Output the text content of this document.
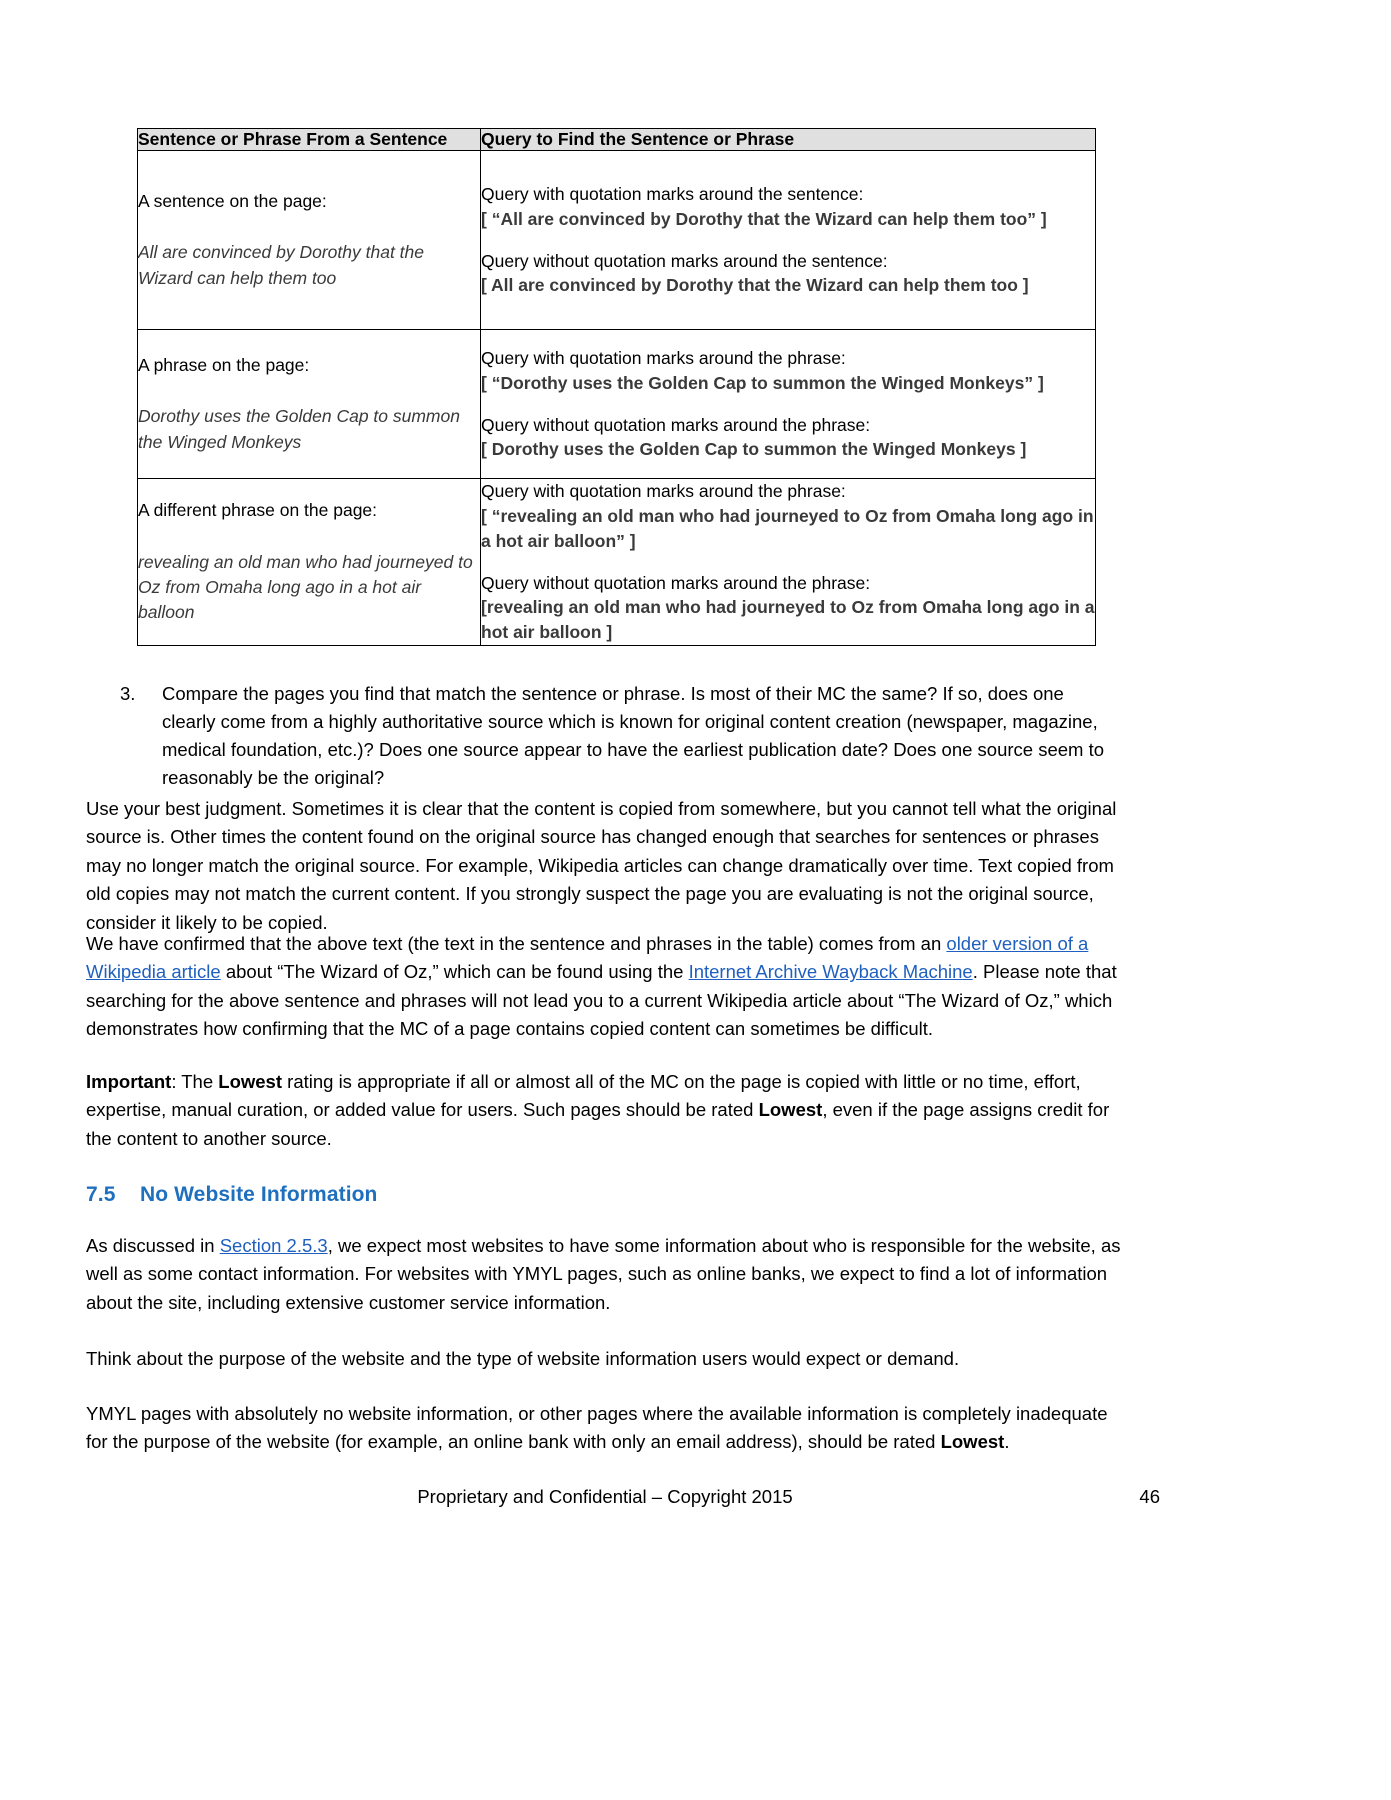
Sentence or Phrase From a Sentence	Query to Find the Sentence or Phrase
A sentence on the page:
All are convinced by Dorothy that the Wizard can help them too	Query with quotation marks around the sentence:
[ “All are convinced by Dorothy that the Wizard can help them too” ]
Query without quotation marks around the sentence:
[ All are convinced by Dorothy that the Wizard can help them too ]

A phrase on the page:
Dorothy uses the Golden Cap to summon the Winged Monkeys	Query with quotation marks around the phrase:
[ “Dorothy uses the Golden Cap to summon the Winged Monkeys” ]
Query without quotation marks around the phrase:
[ Dorothy uses the Golden Cap to summon the Winged Monkeys ]

A different phrase on the page:
revealing an old man who had journeyed to Oz from Omaha long ago in a hot air balloon	Query with quotation marks around the phrase:
[ “revealing an old man who had journeyed to Oz from Omaha long ago in a hot air balloon” ]
Query without quotation marks around the phrase:
[revealing an old man who had journeyed to Oz from Omaha long ago in a hot air balloon ]
3.	Compare the pages you find that match the sentence or phrase. Is most of their MC the same? If so, does one clearly come from a highly authoritative source which is known for original content creation (newspaper, magazine, medical foundation, etc.)? Does one source appear to have the earliest publication date? Does one source seem to reasonably be the original?
Use your best judgment. Sometimes it is clear that the content is copied from somewhere, but you cannot tell what the original source is. Other times the content found on the original source has changed enough that searches for sentences or phrases may no longer match the original source. For example, Wikipedia articles can change dramatically over time. Text copied from old copies may not match the current content. If you strongly suspect the page you are evaluating is not the original source, consider it likely to be copied.
We have confirmed that the above text (the text in the sentence and phrases in the table) comes from an older version of a Wikipedia article about “The Wizard of Oz,” which can be found using the Internet Archive Wayback Machine. Please note that searching for the above sentence and phrases will not lead you to a current Wikipedia article about “The Wizard of Oz,” which demonstrates how confirming that the MC of a page contains copied content can sometimes be difficult.
Important: The Lowest rating is appropriate if all or almost all of the MC on the page is copied with little or no time, effort, expertise, manual curation, or added value for users. Such pages should be rated Lowest, even if the page assigns credit for the content to another source.
7.5 No Website Information
As discussed in Section 2.5.3, we expect most websites to have some information about who is responsible for the website, as well as some contact information. For websites with YMYL pages, such as online banks, we expect to find a lot of information about the site, including extensive customer service information.
Think about the purpose of the website and the type of website information users would expect or demand.
YMYL pages with absolutely no website information, or other pages where the available information is completely inadequate for the purpose of the website (for example, an online bank with only an email address), should be rated Lowest.
Proprietary and Confidential – Copyright 2015	46
